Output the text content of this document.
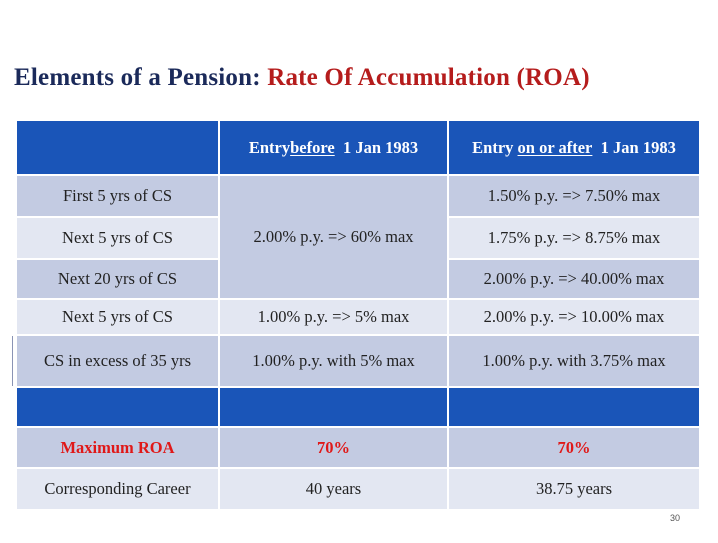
Elements of a Pension: Rate Of Accumulation (ROA)
	Entrybefore 1 Jan 1983	Entry on or after 1 Jan 1983
First 5 yrs of CS	2.00% p.y. => 60% max	1.50% p.y. => 7.50% max
Next 5 yrs of CS		1.75% p.y. => 8.75% max
Next 20 yrs of CS		2.00% p.y. => 40.00% max
Next 5 yrs of CS	1.00% p.y. => 5% max	2.00% p.y. => 10.00% max
CS in excess of 35 yrs	1.00% p.y. with 5% max	1.00% p.y. with 3.75% max

Maximum ROA	70%	70%
Corresponding Career	40 years	38.75 years
30
